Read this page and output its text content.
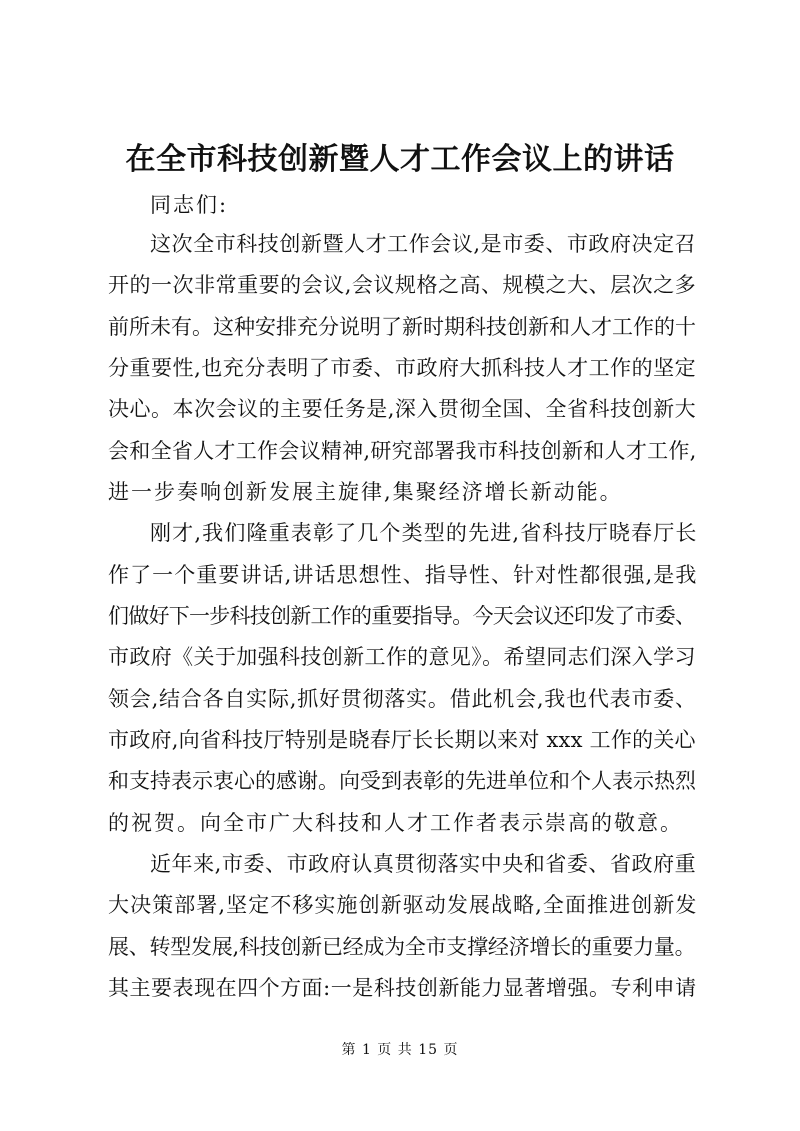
在全市科技创新暨人才工作会议上的讲话
同志们:
这次全市科技创新暨人才工作会议,是市委、市政府决定召
开的一次非常重要的会议,会议规格之高、规模之大、层次之多
前所未有。这种安排充分说明了新时期科技创新和人才工作的十
分重要性,也充分表明了市委、市政府大抓科技人才工作的坚定
决心。本次会议的主要任务是,深入贯彻全国、全省科技创新大
会和全省人才工作会议精神,研究部署我市科技创新和人才工作,
进一步奏响创新发展主旋律,集聚经济增长新动能。
刚才,我们隆重表彰了几个类型的先进,省科技厅晓春厅长
作了一个重要讲话,讲话思想性、指导性、针对性都很强,是我
们做好下一步科技创新工作的重要指导。今天会议还印发了市委、
市政府《关于加强科技创新工作的意见》。希望同志们深入学习
领会,结合各自实际,抓好贯彻落实。借此机会,我也代表市委、
市政府,向省科技厅特别是晓春厅长长期以来对 xxx 工作的关心
和支持表示衷心的感谢。向受到表彰的先进单位和个人表示热烈
的祝贺。向全市广大科技和人才工作者表示崇高的敬意。
近年来,市委、市政府认真贯彻落实中央和省委、省政府重
大决策部署,坚定不移实施创新驱动发展战略,全面推进创新发
展、转型发展,科技创新已经成为全市支撑经济增长的重要力量。
其主要表现在四个方面:一是科技创新能力显著增强。专利申请
第 1 页 共 15 页
